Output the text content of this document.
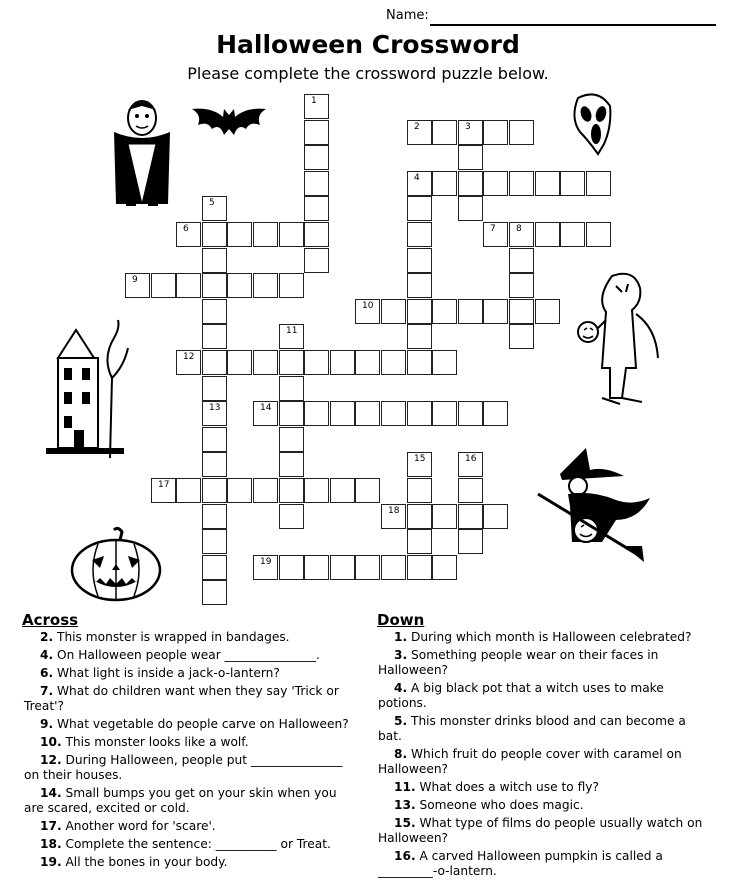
Name:
Halloween Crossword
Please complete the crossword puzzle below.
1
2	3
4
5
6	7 8
9
10
11
12
13	14
15	16
17
18
19
Across	Down
2. This monster is wrapped in bandages.
4. On Halloween people wear _______________.
6. What light is inside a jack-o-lantern?
7. What do children want when they say 'Trick or Treat'?
9. What vegetable do people carve on Halloween?
10. This monster looks like a wolf.
12. During Halloween, people put _______________ on their houses.
14. Small bumps you get on your skin when you are scared, excited or cold.
17. Another word for 'scare'.
18. Complete the sentence: __________ or Treat.
19. All the bones in your body.
1. During which month is Halloween celebrated?
3. Something people wear on their faces in Halloween?
4. A big black pot that a witch uses to make potions.
5. This monster drinks blood and can become a bat.
8. Which fruit do people cover with caramel on Halloween?
11. What does a witch use to fly?
13. Someone who does magic.
15. What type of films do people usually watch on Halloween?
16. A carved Halloween pumpkin is called a _________-o-lantern.
